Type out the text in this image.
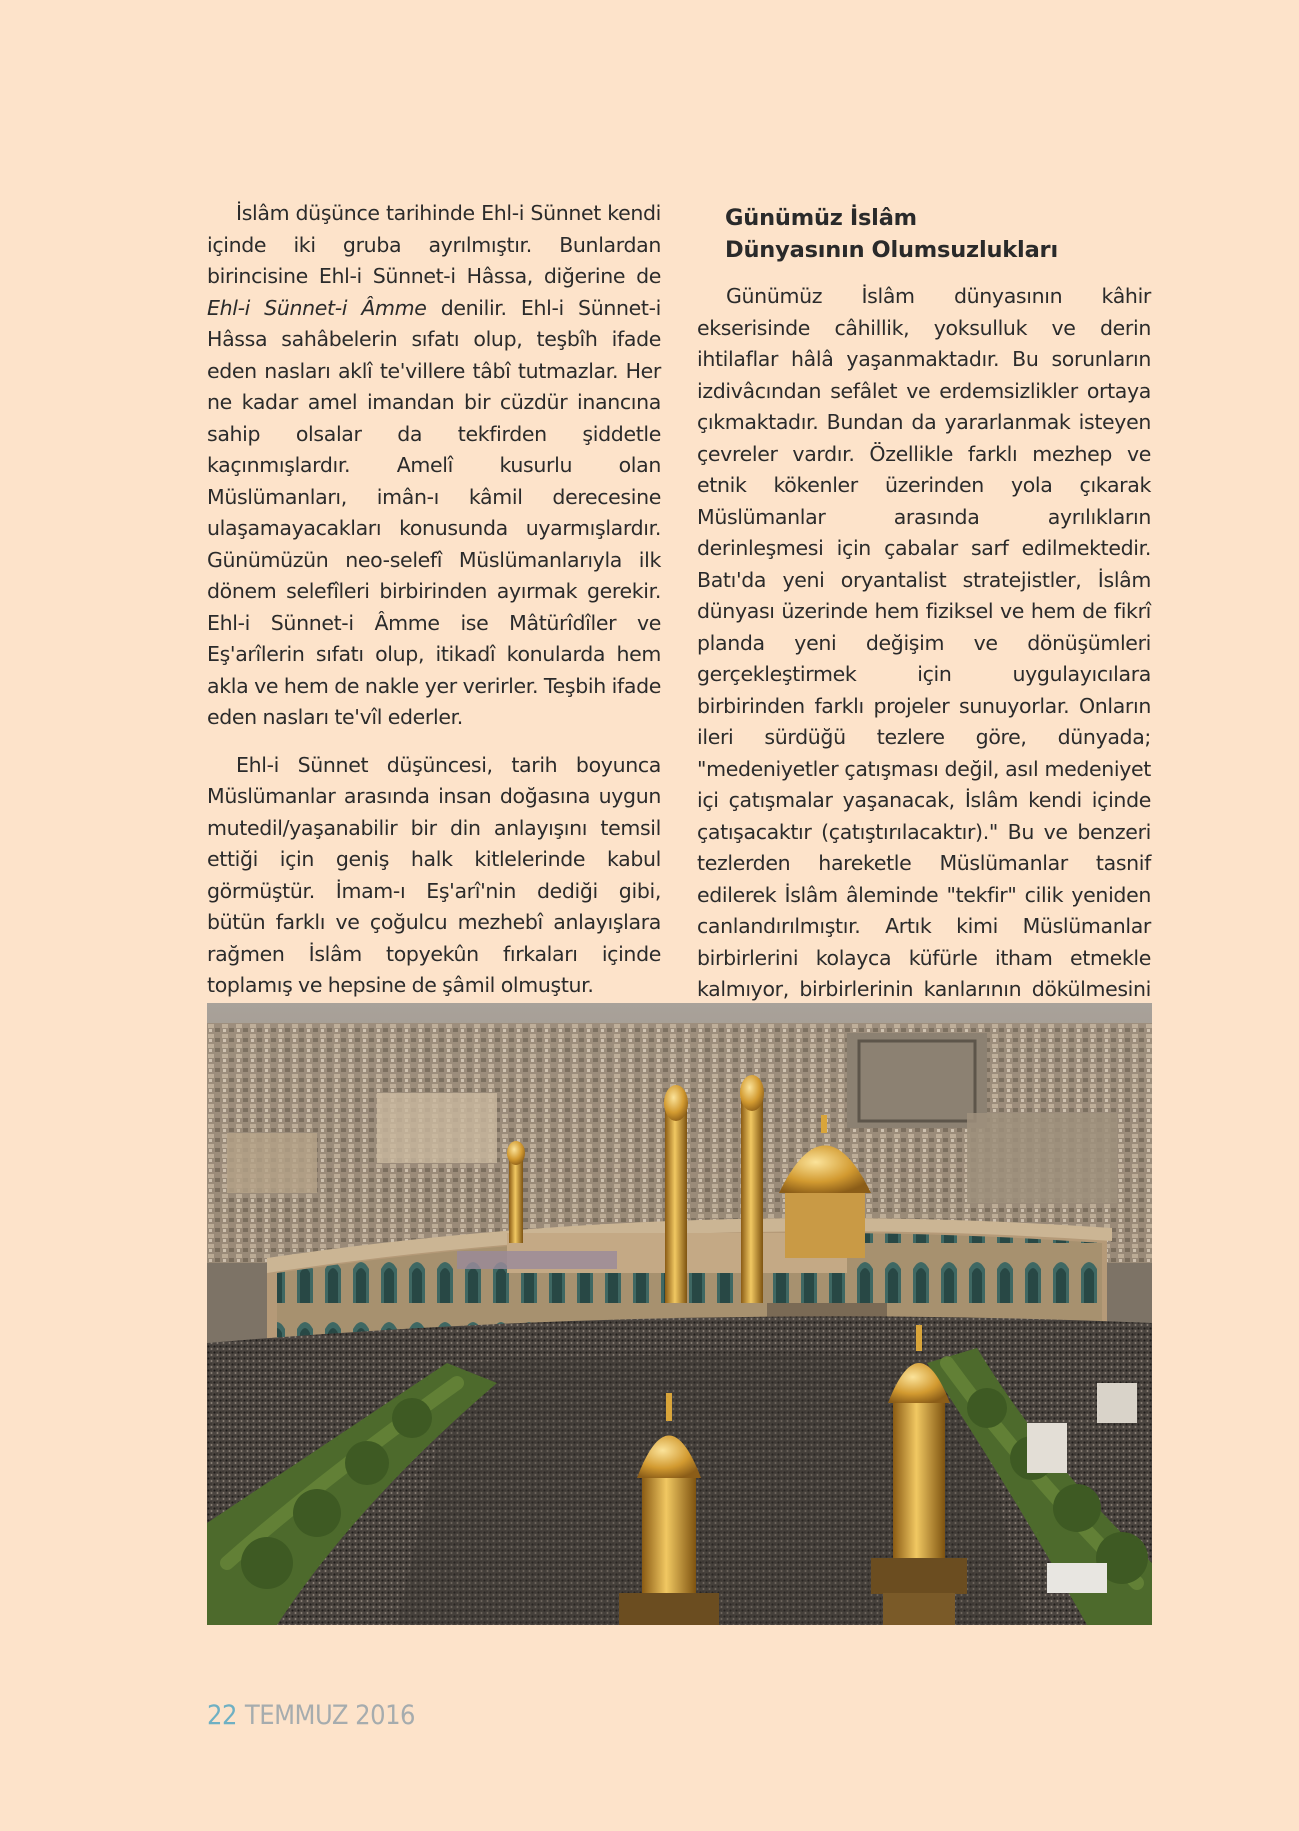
İslâm düşünce tarihinde Ehl-i Sünnet kendi içinde iki gruba ayrılmıştır. Bunlardan birincisine Ehl-i Sünnet-i Hâssa, diğerine de Ehl-i Sünnet-i Âmme denilir. Ehl-i Sünnet-i Hâssa sahâbelerin sıfatı olup, teşbîh ifade eden nasları aklî te'villere tâbî tutmazlar. Her ne kadar amel imandan bir cüzdür inancına sahip olsalar da tekfirden şiddetle kaçınmışlardır. Amelî kusurlu olan Müslümanları, imân-ı kâmil derecesine ulaşamayacakları konusunda uyarmışlardır. Günümüzün neo-selefî Müslümanlarıyla ilk dönem selefîleri birbirinden ayırmak gerekir. Ehl-i Sünnet-i Âmme ise Mâtürîdîler ve Eş'arîlerin sıfatı olup, itikadî konularda hem akla ve hem de nakle yer verirler. Teşbih ifade eden nasları te'vîl ederler.

Ehl-i Sünnet düşüncesi, tarih boyunca Müslümanlar arasında insan doğasına uygun mutedil/yaşanabilir bir din anlayışını temsil ettiği için geniş halk kitlelerinde kabul görmüştür. İmam-ı Eş'arî'nin dediği gibi, bütün farklı ve çoğulcu mezhebî anlayışlara rağmen İslâm topyekûn fırkaları içinde toplamış ve hepsine de şâmil olmuştur.

Günümüz İslâm
Dünyasının Olumsuzlukları

Günümüz İslâm dünyasının kâhir ekserisinde câhillik, yoksulluk ve derin ihtilaflar hâlâ yaşanmaktadır. Bu sorunların izdivâcından sefâlet ve erdemsizlikler ortaya çıkmaktadır. Bundan da yararlanmak isteyen çevreler vardır. Özellikle farklı mezhep ve etnik kökenler üzerinden yola çıkarak Müslümanlar arasında ayrılıkların derinleşmesi için çabalar sarf edilmektedir. Batı'da yeni oryantalist stratejistler, İslâm dünyası üzerinde hem fiziksel ve hem de fikrî planda yeni değişim ve dönüşümleri gerçekleştirmek için uygulayıcılara birbirinden farklı projeler sunuyorlar. Onların ileri sürdüğü tezlere göre, dünyada; "medeniyetler çatışması değil, asıl medeniyet içi çatışmalar yaşanacak, İslâm kendi içinde çatışacaktır (çatıştırılacaktır)." Bu ve benzeri tezlerden hareketle Müslümanlar tasnif edilerek İslâm âleminde "tekfir" cilik yeniden canlandırılmıştır. Artık kimi Müslümanlar birbirlerini kolayca küfürle itham etmekle kalmıyor, birbirlerinin kanlarının dökülmesini

22 TEMMUZ 2016
